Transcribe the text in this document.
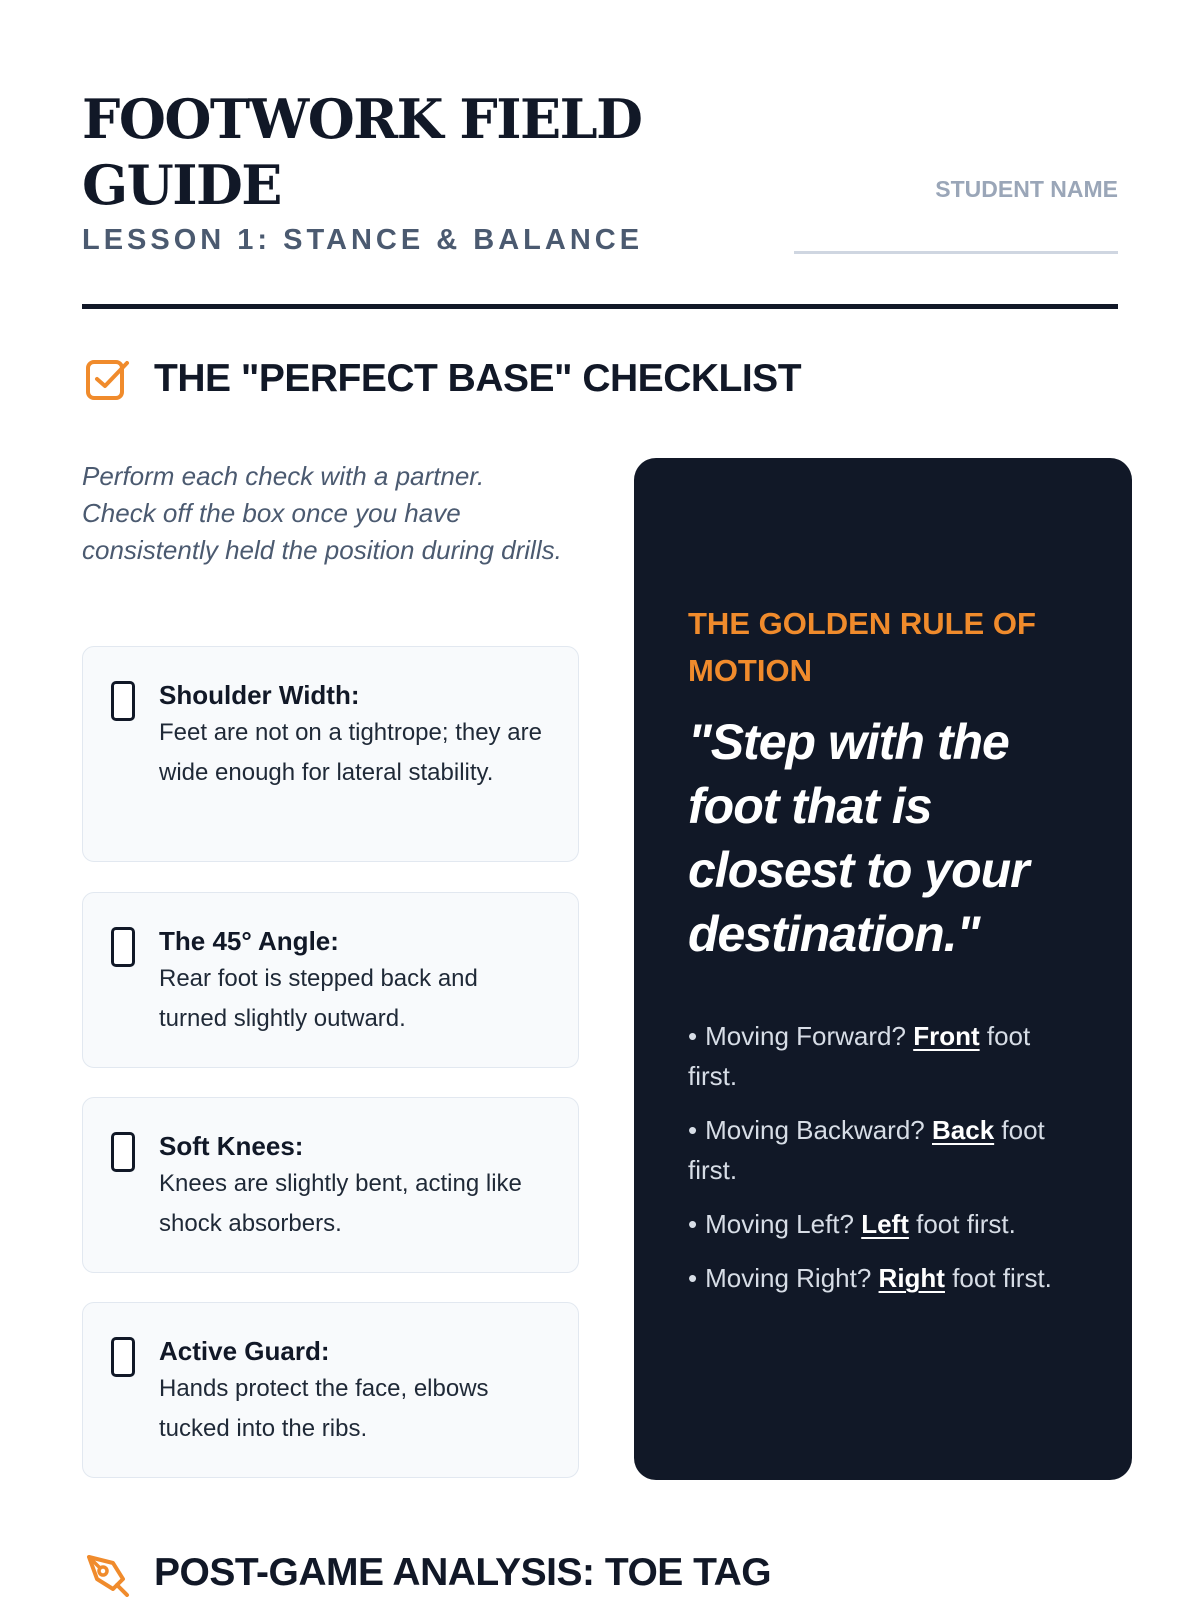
FOOTWORK FIELD GUIDE
LESSON 1: STANCE & BALANCE
STUDENT NAME
THE "PERFECT BASE" CHECKLIST

Perform each check with a partner. Check off the box once you have consistently held the position during drills.

Shoulder Width:
Feet are not on a tightrope; they are wide enough for lateral stability.
The 45° Angle:
Rear foot is stepped back and turned slightly outward.
Soft Knees:
Knees are slightly bent, acting like shock absorbers.
Active Guard:
Hands protect the face, elbows tucked into the ribs.
THE GOLDEN RULE OF MOTION
"Step with the foot that is closest to your destination."
• Moving Forward? Front foot first.
• Moving Backward? Back foot first.
• Moving Left? Left foot first.
• Moving Right? Right foot first.
POST-GAME ANALYSIS: TOE TAG
